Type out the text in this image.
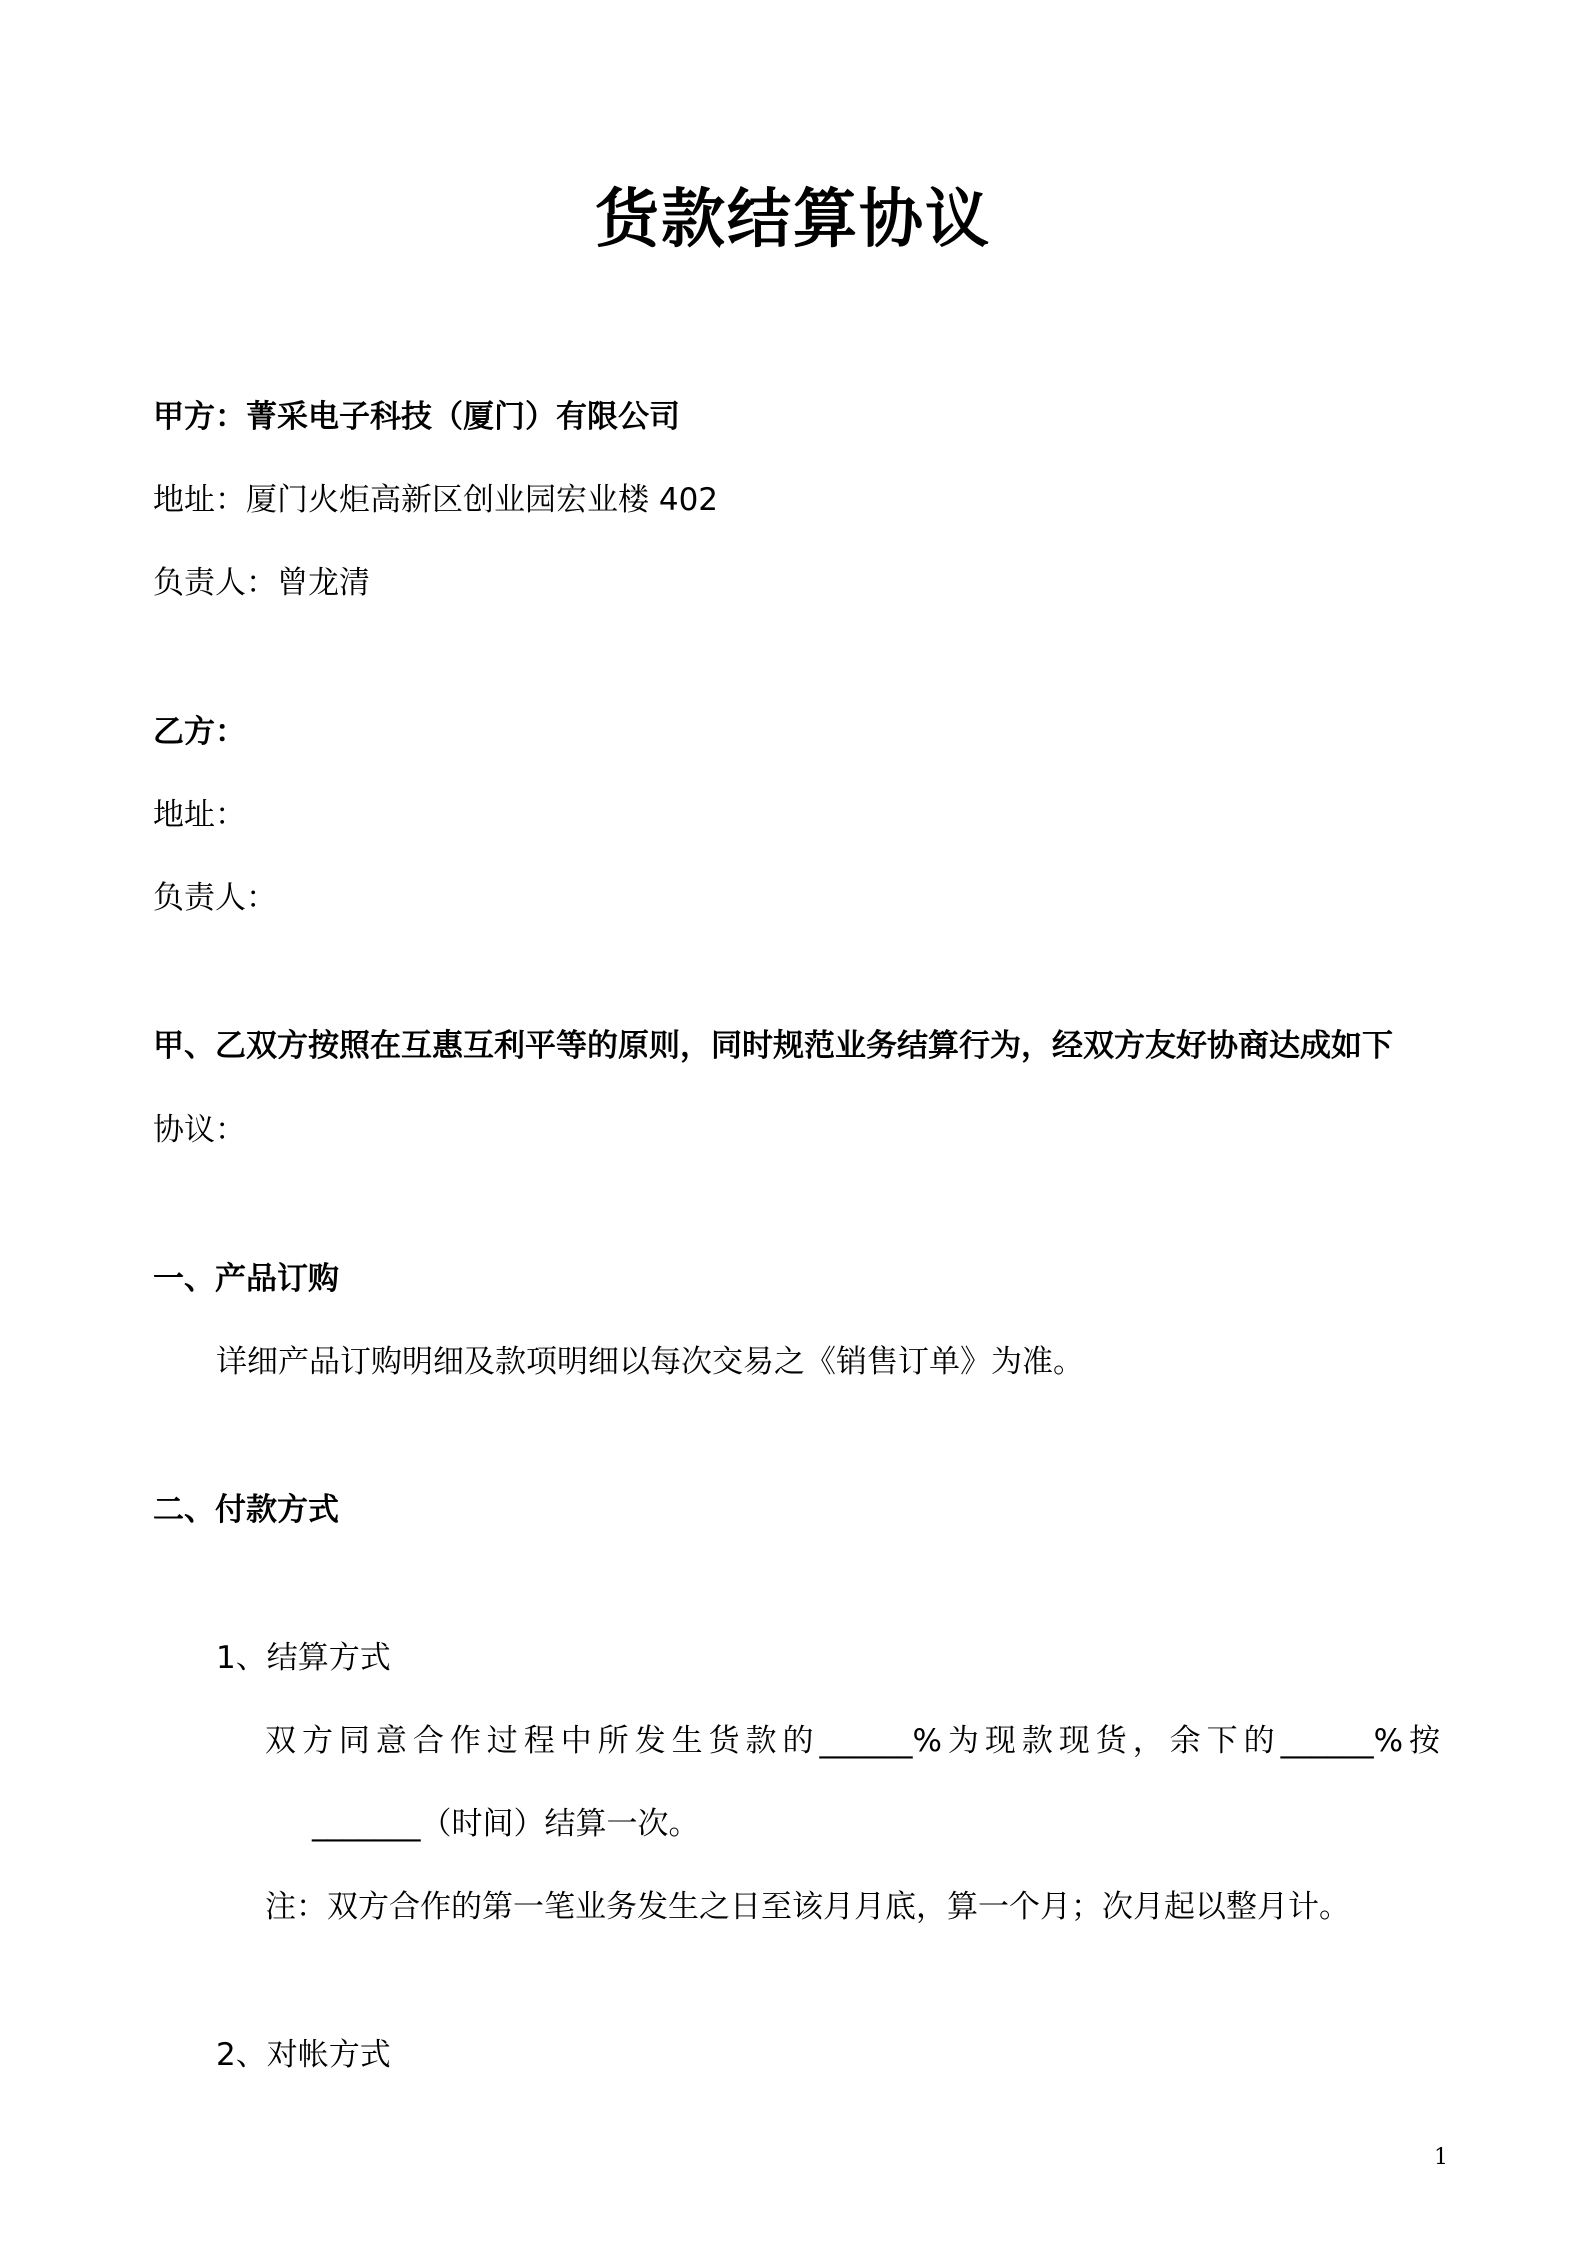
货款结算协议
甲方：菁采电子科技（厦门）有限公司
地址：厦门火炬高新区创业园宏业楼 402
负责人：曾龙清
乙方：
地址：
负责人：
甲、乙双方按照在互惠互利平等的原则，同时规范业务结算行为，经双方友好协商达成如下
协议：
一、产品订购
详细产品订购明细及款项明细以每次交易之《销售订单》为准。
二、付款方式
1、结算方式
双方同意合作过程中所发生货款的______%为现款现货，余下的______%按
_______（时间）结算一次。
注：双方合作的第一笔业务发生之日至该月月底，算一个月；次月起以整月计。
2、对帐方式
1
